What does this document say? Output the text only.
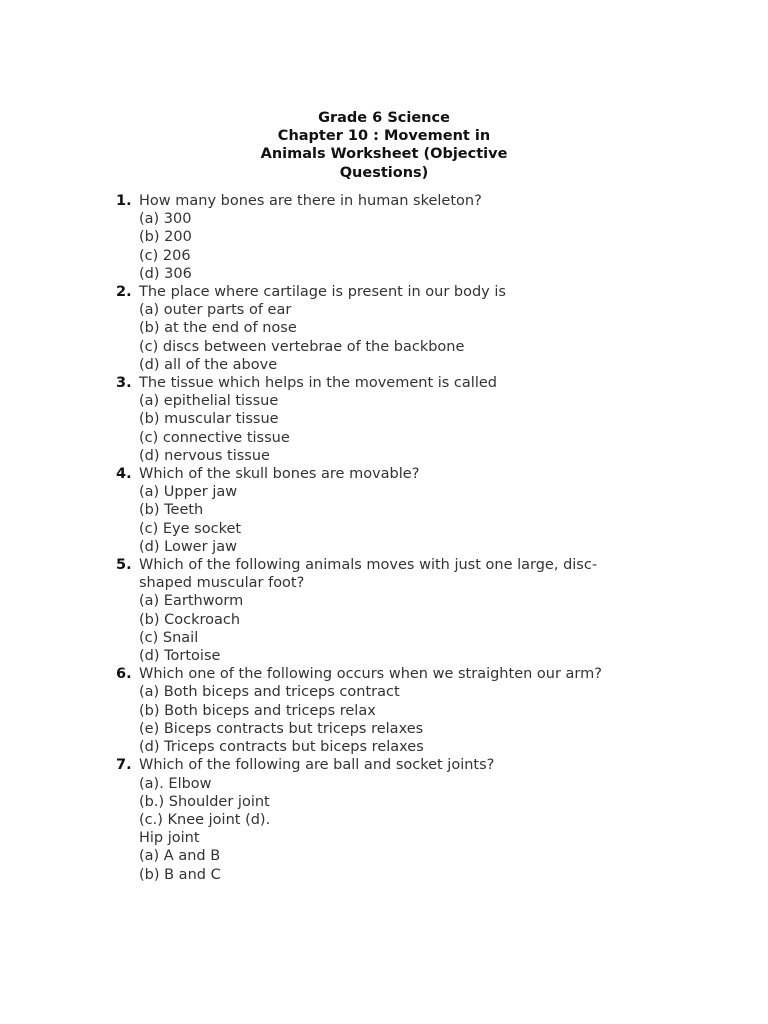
Grade 6 Science
Chapter 10 : Movement in
Animals Worksheet (Objective
Questions)
1. How many bones are there in human skeleton?
(a) 300
(b) 200
(c) 206
(d) 306
2. The place where cartilage is present in our body is
(a) outer parts of ear
(b) at the end of nose
(c) discs between vertebrae of the backbone
(d) all of the above
3. The tissue which helps in the movement is called
(a) epithelial tissue
(b) muscular tissue
(c) connective tissue
(d) nervous tissue
4. Which of the skull bones are movable?
(a) Upper jaw
(b) Teeth
(c) Eye socket
(d) Lower jaw
5. Which of the following animals moves with just one large, disc-shaped muscular foot?
(a) Earthworm
(b) Cockroach
(c) Snail
(d) Tortoise
6. Which one of the following occurs when we straighten our arm?
(a) Both biceps and triceps contract
(b) Both biceps and triceps relax
(e) Biceps contracts but triceps relaxes
(d) Triceps contracts but biceps relaxes
7. Which of the following are ball and socket joints?
(a). Elbow
(b.) Shoulder joint
(c.) Knee joint (d).
Hip joint
(a) A and B
(b) B and C
